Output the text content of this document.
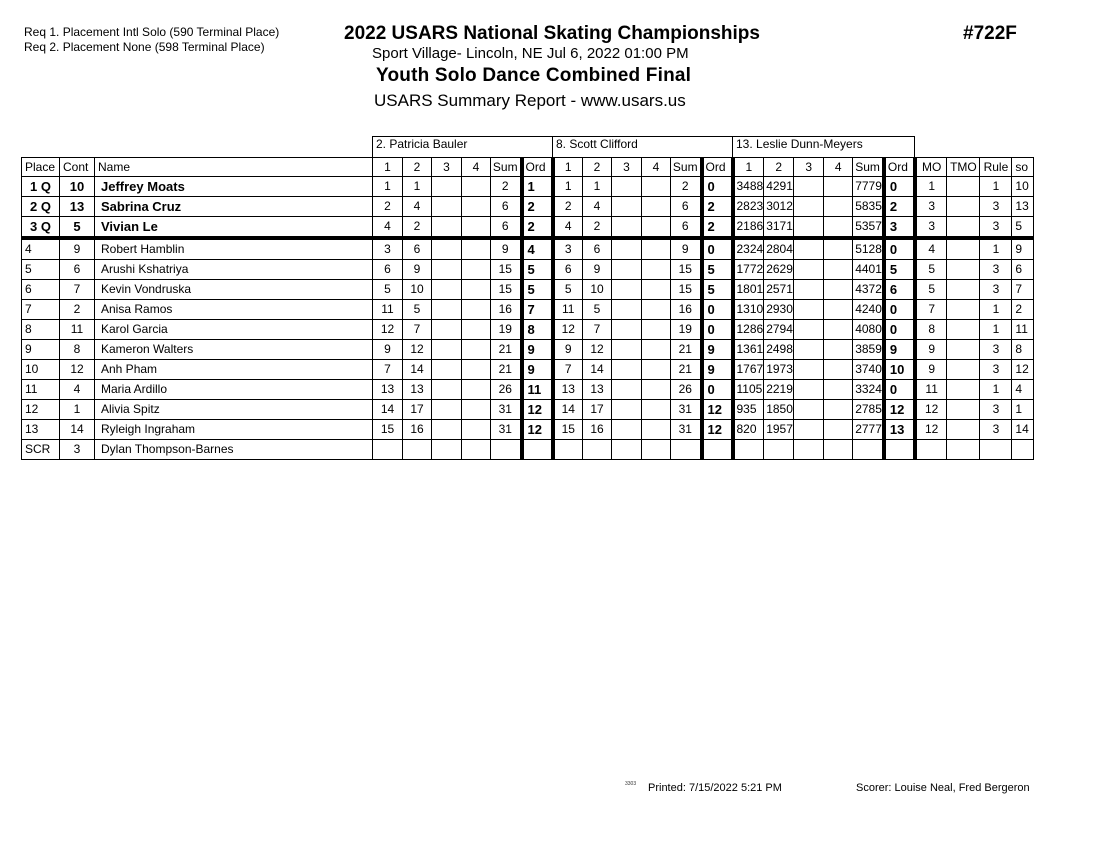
Req 1. Placement Intl Solo (590 Terminal Place)
Req 2. Placement None (598 Terminal Place)
2022 USARS National Skating Championships
Sport Village- Lincoln, NE Jul 6, 2022 01:00 PM
Youth Solo Dance Combined Final
USARS Summary Report - www.usars.us
#722F
			2. Patricia Bauler						8. Scott Clifford						13. Leslie Dunn-Meyers									
Place	Cont	Name	1	2	3	4	Sum	Ord	1	2	3	4	Sum	Ord	1	2	3	4	Sum	Ord	MO	TMO	Rule	so
1 Q	10	Jeffrey Moats	1	1			2	1	1	1			2	0	3488	4291			7779	0	1		1	10
2 Q	13	Sabrina Cruz	2	4			6	2	2	4			6	2	2823	3012			5835	2	3		3	13
3 Q	5	Vivian Le	4	2			6	2	4	2			6	2	2186	3171			5357	3	3		3	5
4	9	Robert Hamblin	3	6			9	4	3	6			9	0	2324	2804			5128	0	4		1	9
5	6	Arushi Kshatriya	6	9			15	5	6	9			15	5	1772	2629			4401	5	5		3	6
6	7	Kevin Vondruska	5	10			15	5	5	10			15	5	1801	2571			4372	6	5		3	7
7	2	Anisa Ramos	11	5			16	7	11	5			16	0	1310	2930			4240	0	7		1	2
8	11	Karol Garcia	12	7			19	8	12	7			19	0	1286	2794			4080	0	8		1	11
9	8	Kameron Walters	9	12			21	9	9	12			21	9	1361	2498			3859	9	9		3	8
10	12	Anh Pham	7	14			21	9	7	14			21	9	1767	1973			3740	10	9		3	12
11	4	Maria Ardillo	13	13			26	11	13	13			26	0	1105	2219			3324	0	11		1	4
12	1	Alivia Spitz	14	17			31	12	14	17			31	12	935	1850			2785	12	12		3	1
13	14	Ryleigh Ingraham	15	16			31	12	15	16			31	12	820	1957			2777	13	12		3	14
SCR	3	Dylan Thompson-Barnes																						
3303 Printed: 7/15/2022 5:21 PM	Scorer: Louise Neal, Fred Bergeron
